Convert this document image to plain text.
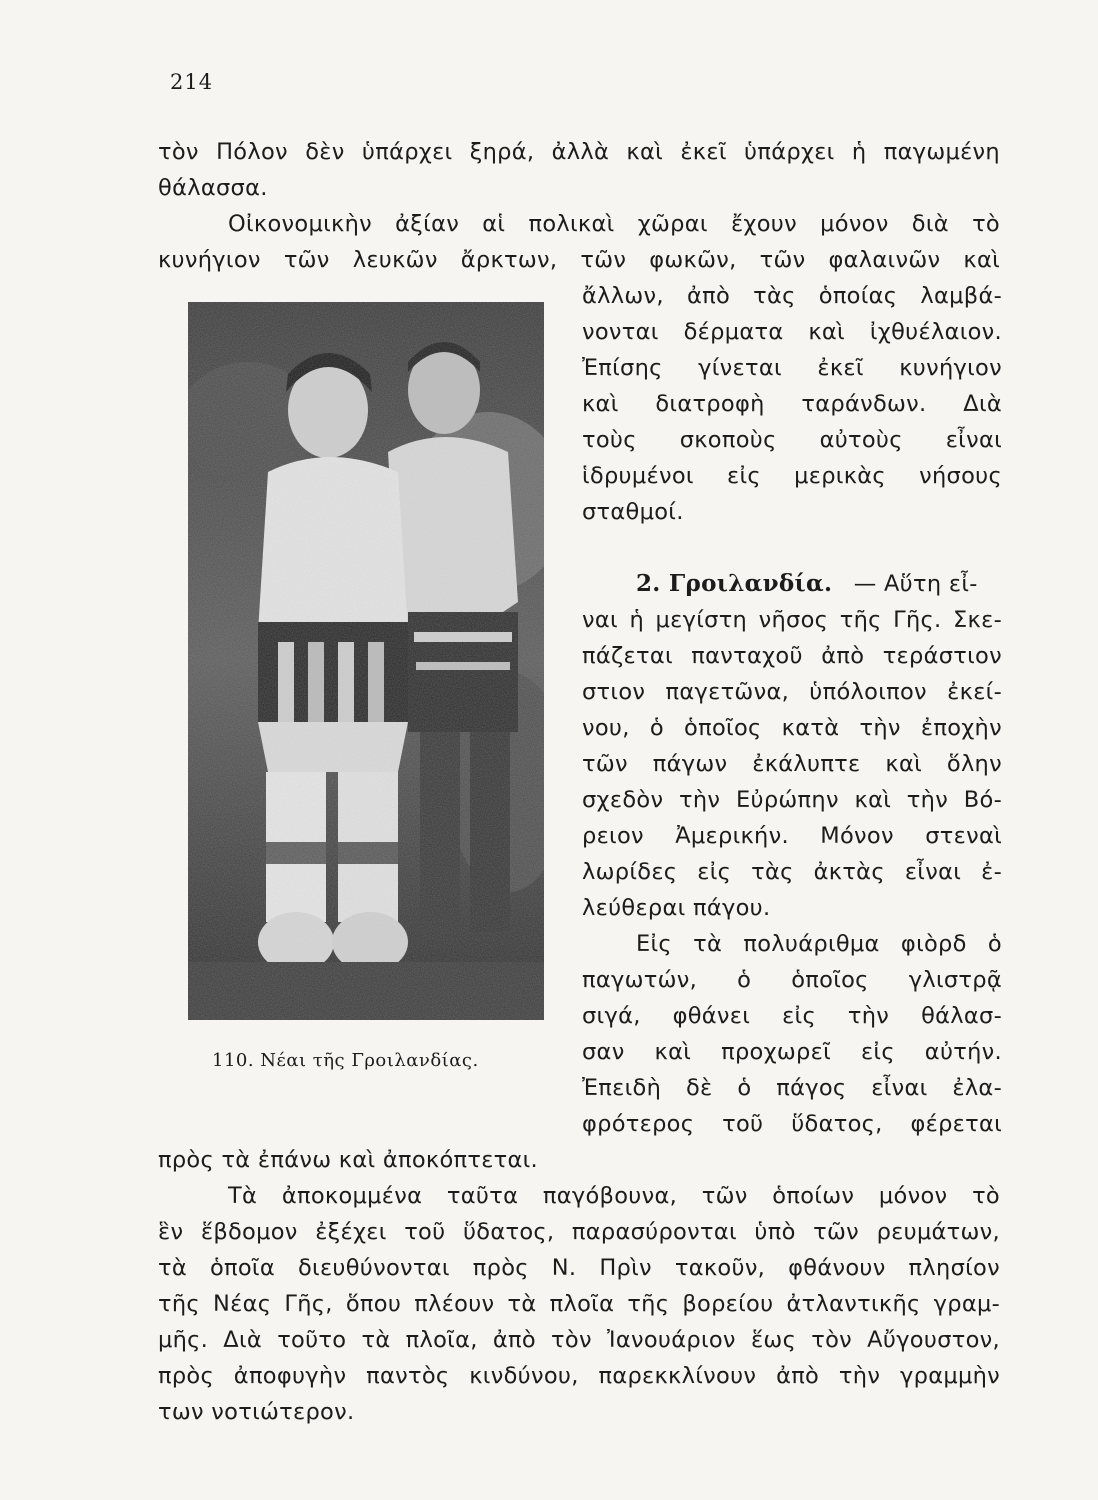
214
τὸν Πόλον δὲν ὑπάρχει ξηρά, ἀλλὰ καὶ ἐκεῖ ὑπάρχει ἡ παγωμένη
θάλασσα.
Οἰκονομικὴν ἀξίαν αἱ πολικαὶ χῶραι ἔχουν μόνον διὰ τὸ
κυνήγιον τῶν λευκῶν ἄρκτων, τῶν φωκῶν, τῶν φαλαινῶν καὶ
ἄλλων, ἀπὸ τὰς ὁποίας λαμβά-
νονται δέρματα καὶ ἰχθυέλαιον.
Ἐπίσης γίνεται ἐκεῖ κυνήγιον
καὶ διατροφὴ ταράνδων. Διὰ
τοὺς σκοποὺς αὐτοὺς εἶναι
ἱδρυμένοι εἰς μερικὰς νήσους
σταθμοί.
2. Γροιλανδία. — Αὕτη εἶ-
ναι ἡ μεγίστη νῆσος τῆς Γῆς. Σκε-
πάζεται πανταχοῦ ἀπὸ τεράστιον
στιον παγετῶνα, ὑπόλοιπον ἐκεί-
νου, ὁ ὁποῖος κατὰ τὴν ἐποχὴν
τῶν πάγων ἐκάλυπτε καὶ ὅλην
σχεδὸν τὴν Εὐρώπην καὶ τὴν Βό-
ρειον Ἀμερικήν. Μόνον στεναὶ
λωρίδες εἰς τὰς ἀκτὰς εἶναι ἐ-
λεύθεραι πάγου.
Εἰς τὰ πολυάριθμα φιὸρδ ὁ
παγωτών, ὁ ὁποῖος γλιστρᾷ
σιγά, φθάνει εἰς τὴν θάλασ-
σαν καὶ προχωρεῖ εἰς αὐτήν.
Ἐπειδὴ δὲ ὁ πάγος εἶναι ἐλα-
φρότερος τοῦ ὕδατος, φέρεται
110. Νέαι τῆς Γροιλανδίας.
πρὸς τὰ ἐπάνω καὶ ἀποκόπτεται.
Τὰ ἀποκομμένα ταῦτα παγόβουνα, τῶν ὁποίων μόνον τὸ
ἓν ἕβδομον ἐξέχει τοῦ ὕδατος, παρασύρονται ὑπὸ τῶν ρευμάτων,
τὰ ὁποῖα διευθύνονται πρὸς Ν. Πρὶν τακοῦν, φθάνουν πλησίον
τῆς Νέας Γῆς, ὅπου πλέουν τὰ πλοῖα τῆς βορείου ἀτλαντικῆς γραμ-
μῆς. Διὰ τοῦτο τὰ πλοῖα, ἀπὸ τὸν Ἰανουάριον ἕως τὸν Αὔγουστον,
πρὸς ἀποφυγὴν παντὸς κινδύνου, παρεκκλίνουν ἀπὸ τὴν γραμμὴν
των νοτιώτερον.
